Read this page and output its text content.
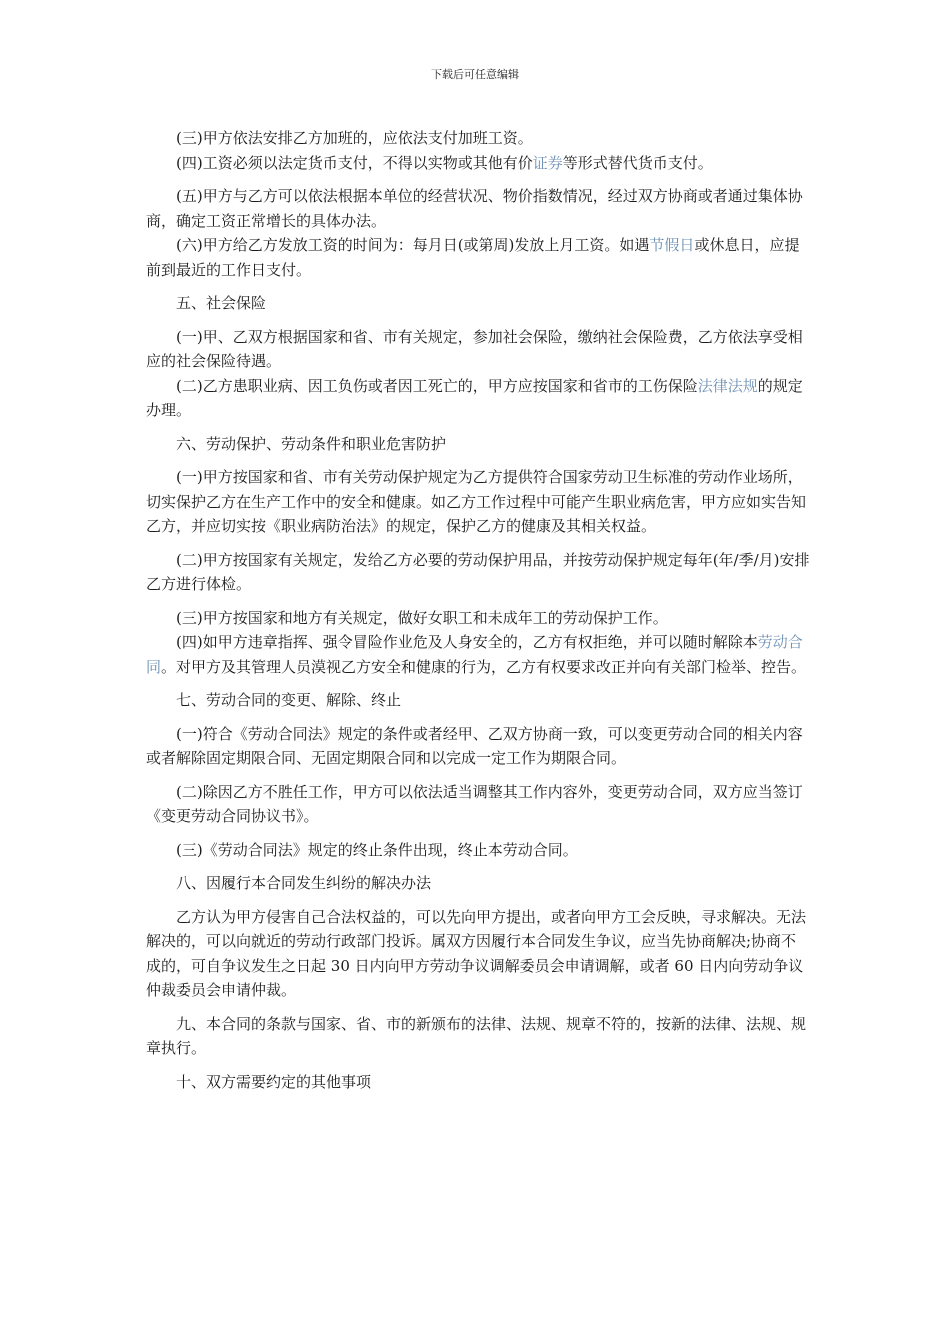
下载后可任意编辑

(三)甲方依法安排乙方加班的，应依法支付加班工资。

(四)工资必须以法定货币支付，不得以实物或其他有价证券等形式替代货币支付。

(五)甲方与乙方可以依法根据本单位的经营状况、物价指数情况，经过双方协商或者通过集体协商，确定工资正常增长的具体办法。

(六)甲方给乙方发放工资的时间为：每月日(或第周)发放上月工资。如遇节假日或休息日，应提前到最近的工作日支付。

五、社会保险

(一)甲、乙双方根据国家和省、市有关规定，参加社会保险，缴纳社会保险费，乙方依法享受相应的社会保险待遇。

(二)乙方患职业病、因工负伤或者因工死亡的，甲方应按国家和省市的工伤保险法律法规的规定办理。

六、劳动保护、劳动条件和职业危害防护

(一)甲方按国家和省、市有关劳动保护规定为乙方提供符合国家劳动卫生标准的劳动作业场所，切实保护乙方在生产工作中的安全和健康。如乙方工作过程中可能产生职业病危害，甲方应如实告知乙方，并应切实按《职业病防治法》的规定，保护乙方的健康及其相关权益。

(二)甲方按国家有关规定，发给乙方必要的劳动保护用品，并按劳动保护规定每年(年/季/月)安排乙方进行体检。

(三)甲方按国家和地方有关规定，做好女职工和未成年工的劳动保护工作。

(四)如甲方违章指挥、强令冒险作业危及人身安全的，乙方有权拒绝，并可以随时解除本劳动合同。对甲方及其管理人员漠视乙方安全和健康的行为，乙方有权要求改正并向有关部门检举、控告。

七、劳动合同的变更、解除、终止

(一)符合《劳动合同法》规定的条件或者经甲、乙双方协商一致，可以变更劳动合同的相关内容或者解除固定期限合同、无固定期限合同和以完成一定工作为期限合同。

(二)除因乙方不胜任工作，甲方可以依法适当调整其工作内容外，变更劳动合同，双方应当签订《变更劳动合同协议书》。

(三)《劳动合同法》规定的终止条件出现，终止本劳动合同。

八、因履行本合同发生纠纷的解决办法

乙方认为甲方侵害自己合法权益的，可以先向甲方提出，或者向甲方工会反映，寻求解决。无法解决的，可以向就近的劳动行政部门投诉。属双方因履行本合同发生争议，应当先协商解决;协商不成的，可自争议发生之日起 30 日内向甲方劳动争议调解委员会申请调解，或者 60 日内向劳动争议仲裁委员会申请仲裁。

九、本合同的条款与国家、省、市的新颁布的法律、法规、规章不符的，按新的法律、法规、规章执行。

十、双方需要约定的其他事项
